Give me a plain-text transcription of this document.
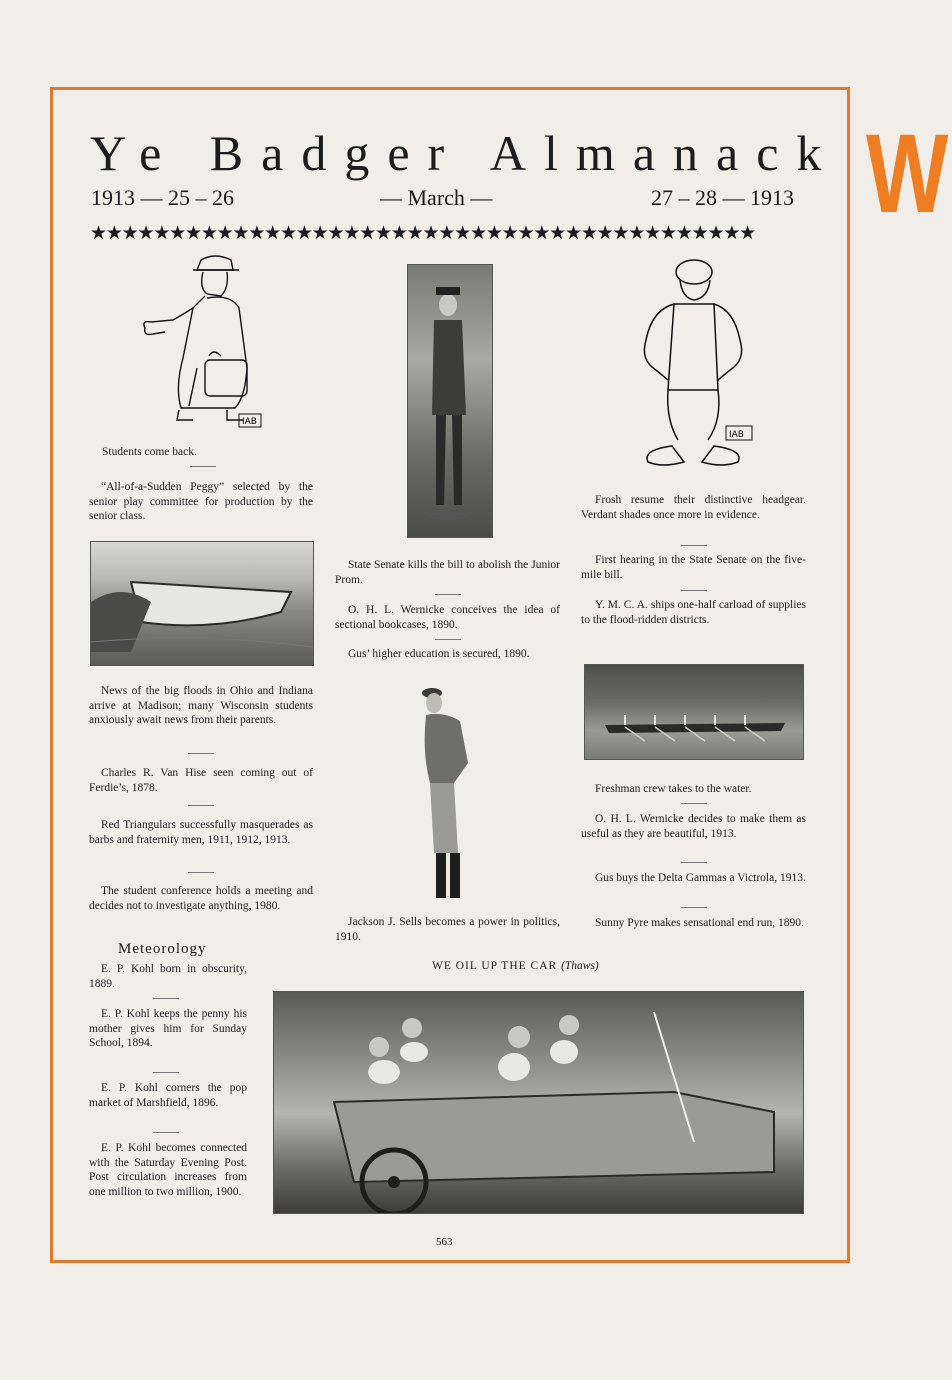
W
Ye Badger Almanack
1913 — 25 – 26	— March —	27 – 28 — 1913
★★★★★★★★★★★★★★★★★★★★★★★★★★★★★★★★★★★★★★★★★★
IAB

Students come back.

“All-of-a-Sudden Peggy” selected by the senior play committee for production by the senior class.

News of the big floods in Ohio and Indiana arrive at Madison; many Wisconsin students anxiously await news from their parents.

Charles R. Van Hise seen coming out of Ferdie’s, 1878.

Red Triangulars successfully masquerades as barbs and fraternity men, 1911, 1912, 1913.

The student conference holds a meeting and decides not to investigate anything, 1980.

Meteorology

E. P. Kohl born in obscurity, 1889.

E. P. Kohl keeps the penny his mother gives him for Sunday School, 1894.

E. P. Kohl corners the pop market of Marshfield, 1896.

E. P. Kohl becomes connected with the Saturday Evening Post. Post circulation increases from one million to two million, 1900.

State Senate kills the bill to abolish the Junior Prom.

O. H. L. Wernicke conceives the idea of sectional bookcases, 1890.

Gus’ higher education is secured, 1890.

Jackson J. Sells becomes a power in politics, 1910.

WE OIL UP THE CAR (Thaws)
IAB

Frosh resume their distinctive headgear. Verdant shades once more in evidence.

First hearing in the State Senate on the five-mile bill.

Y. M. C. A. ships one-half carload of supplies to the flood-ridden districts.

Freshman crew takes to the water.

O. H. L. Wernicke decides to make them as useful as they are beautiful, 1913.

Gus buys the Delta Gammas a Victrola, 1913.

Sunny Pyre makes sensational end run, 1890.

563
